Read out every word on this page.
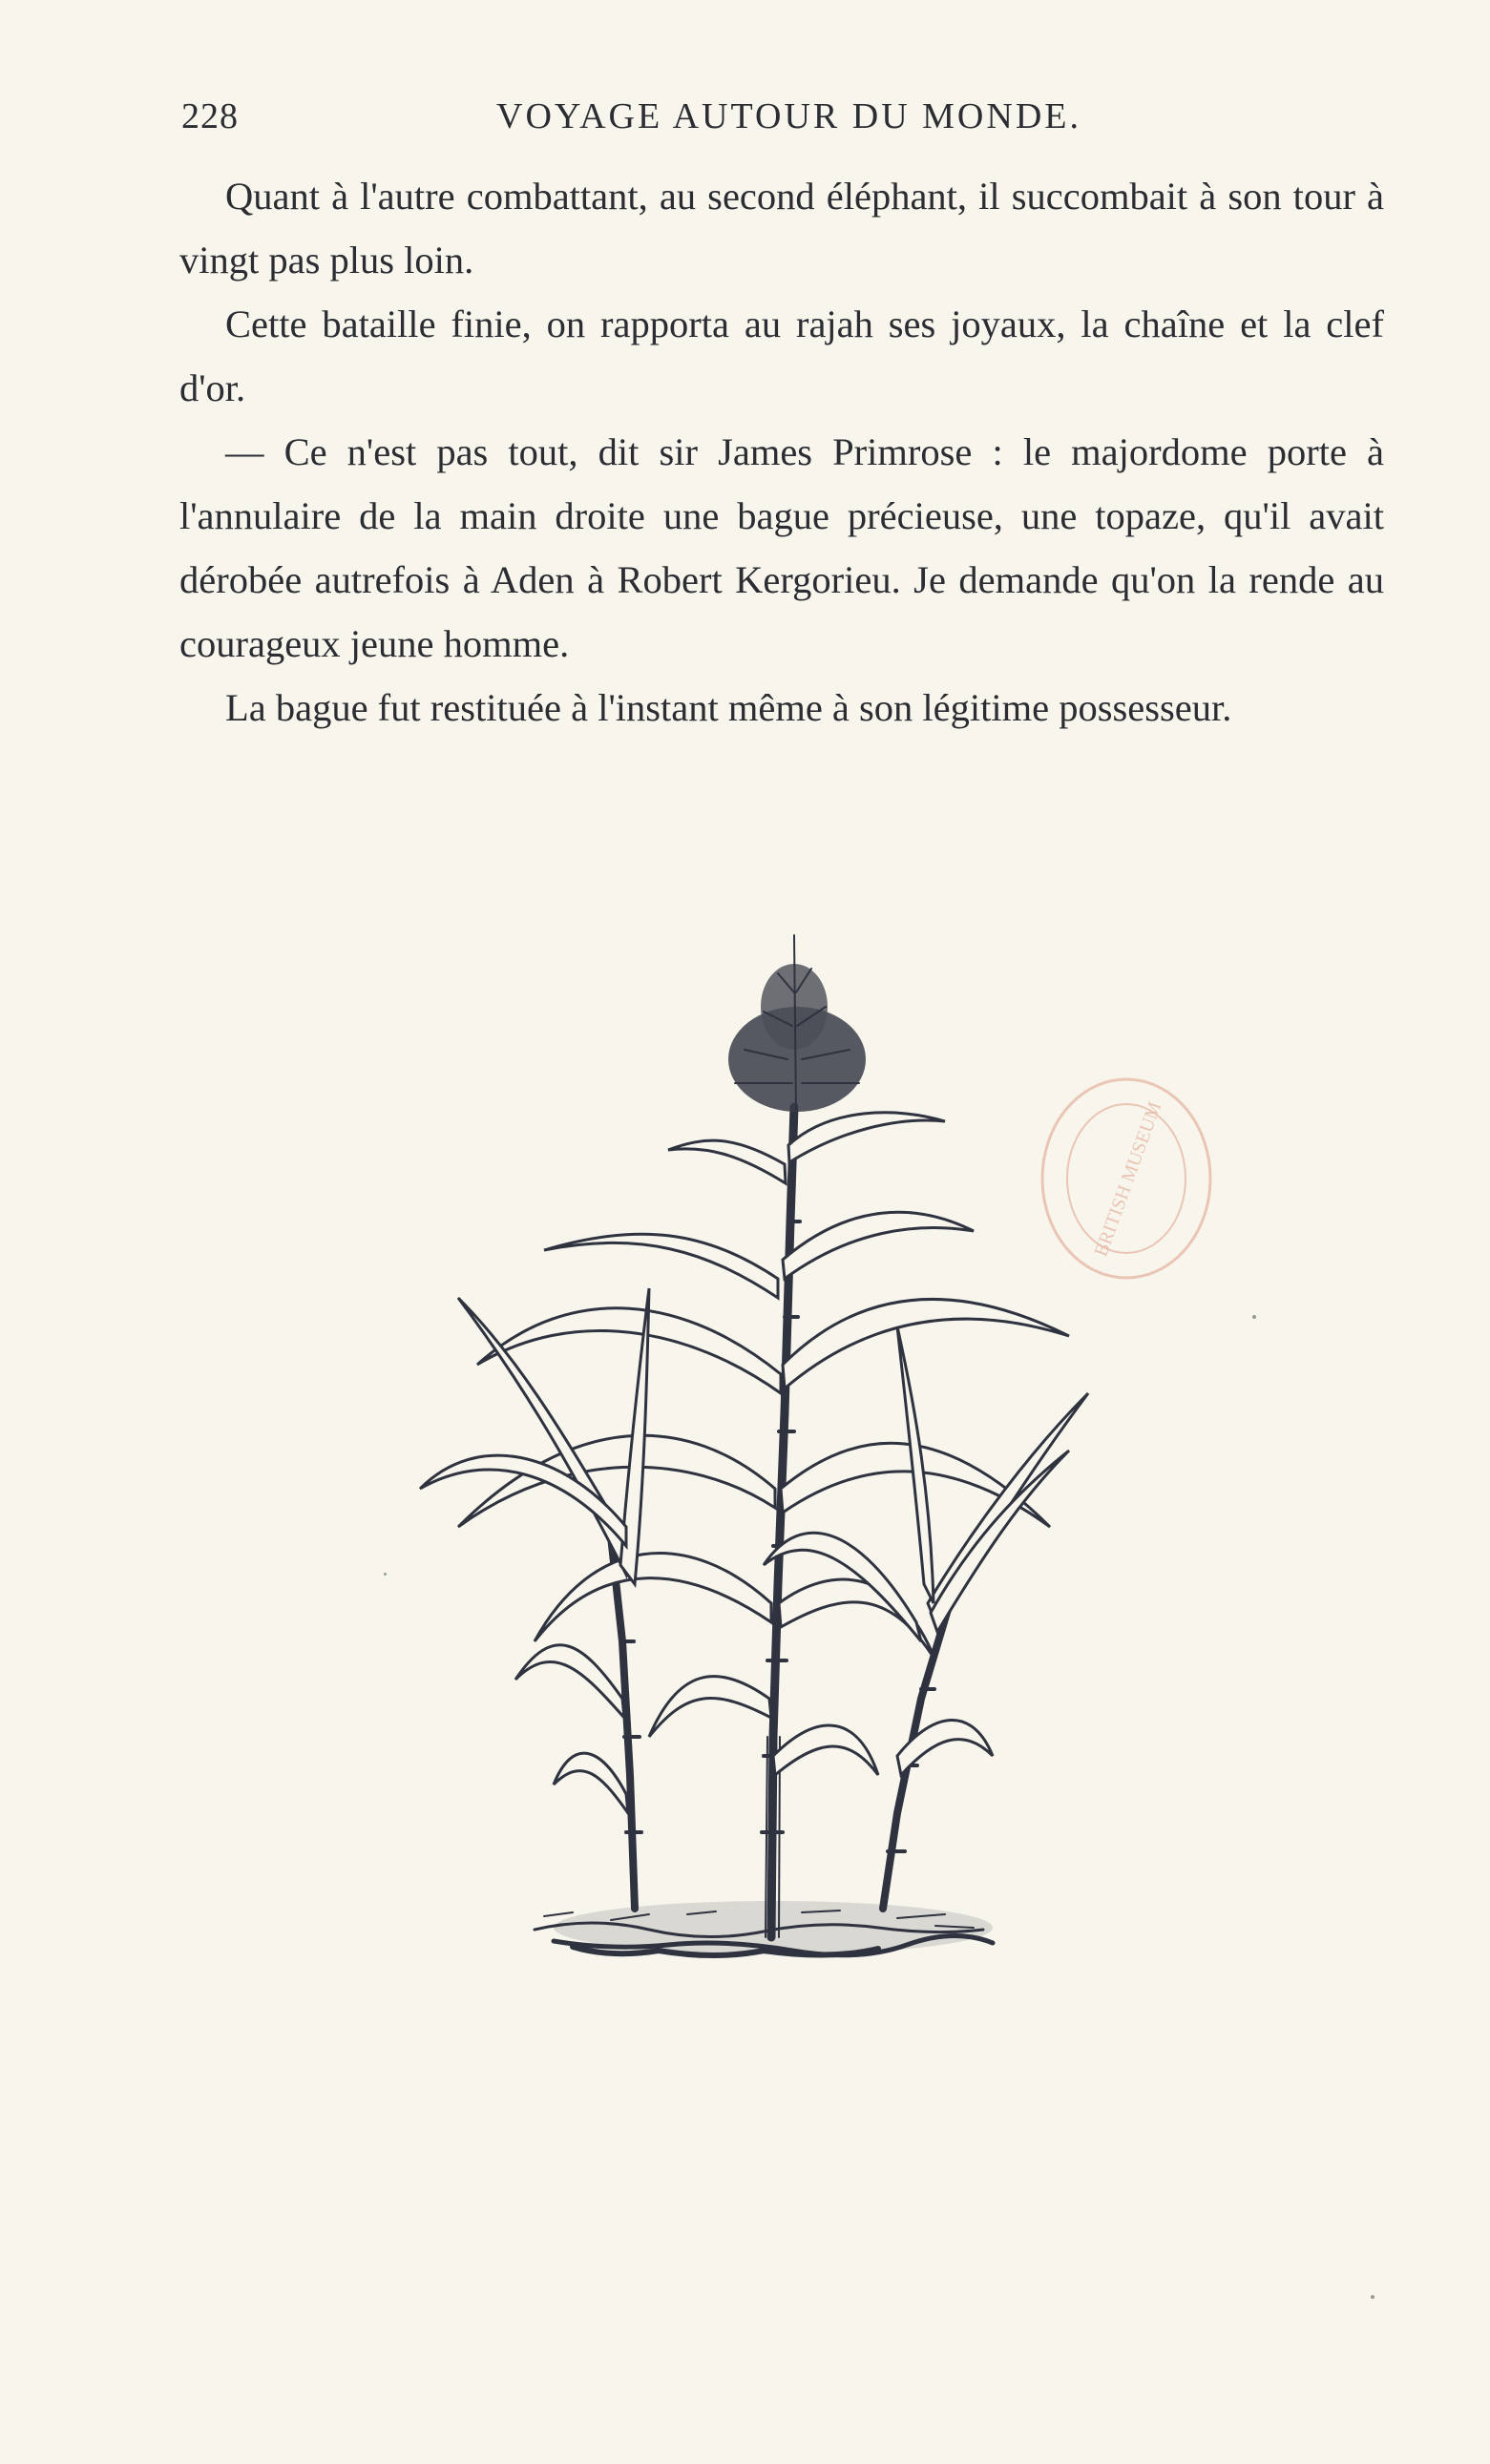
228	VOYAGE AUTOUR DU MONDE.

Quant à l'autre combattant, au second éléphant, il succombait à son tour à vingt pas plus loin.

Cette bataille finie, on rapporta au rajah ses joyaux, la chaîne et la clef d'or.

— Ce n'est pas tout, dit sir James Primrose : le majordome porte à l'annulaire de la main droite une bague précieuse, une topaze, qu'il avait dérobée autrefois à Aden à Robert Kergorieu. Je demande qu'on la rende au courageux jeune homme.

La bague fut restituée à l'instant même à son légitime possesseur.

BRITISH MUSEUM
